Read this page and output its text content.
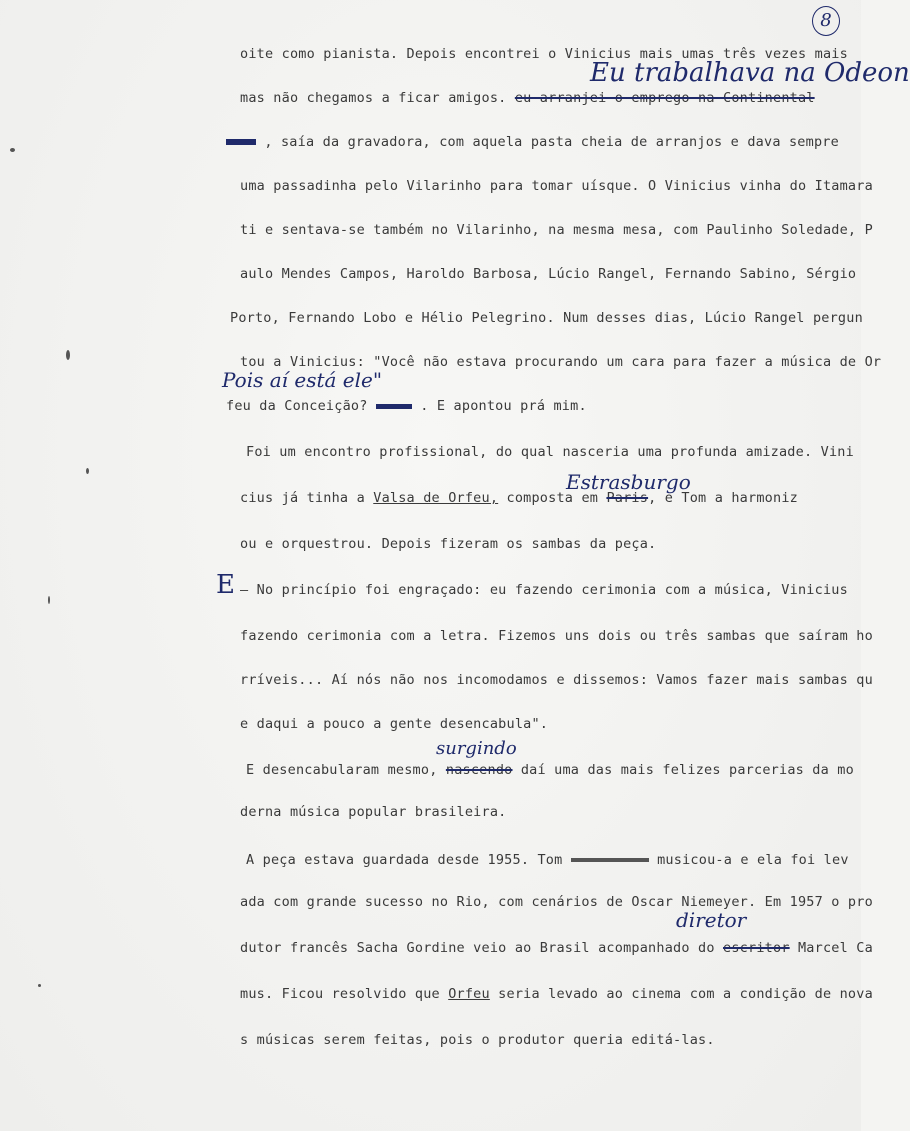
8
oite como pianista. Depois encontrei o Vinicius mais umas três vezes mais
mas não chegamos a ficar amigos. eu arranjei o emprego na Continental
Eu trabalhava na Odeon
, saía da gravadora, com aquela pasta cheia de arranjos e dava sempre
uma passadinha pelo Vilarinho para tomar uísque. O Vinicius vinha do Itamara
ti e sentava-se também no Vilarinho, na mesma mesa, com Paulinho Soledade, P
aulo Mendes Campos, Haroldo Barbosa, Lúcio Rangel, Fernando Sabino, Sérgio
Porto, Fernando Lobo e Hélio Pelegrino. Num desses dias, Lúcio Rangel pergun
tou a Vinicius: "Você não estava procurando um cara para fazer a música de Or
Pois aí está ele"
feu da Conceição?	. E apontou prá mim.
Foi um encontro profissional, do qual nasceria uma profunda amizade. Vini
Estrasburgo
cius já tinha a Valsa de Orfeu, composta em Paris, e Tom a harmoniz
ou e orquestrou. Depois fizeram os sambas da peça.
E — No princípio foi engraçado: eu fazendo cerimonia com a música, Vinicius
fazendo cerimonia com a letra. Fizemos uns dois ou três sambas que saíram ho
rríveis... Aí nós não nos incomodamos e dissemos: Vamos fazer mais sambas qu
e daqui a pouco a gente desencabula".
surgindo
E desencabularam mesmo, nascendo daí uma das mais felizes parcerias da mo
derna música popular brasileira.
A peça estava guardada desde 1955. Tom	musicou-a e ela foi lev
ada com grande sucesso no Rio, com cenários de Oscar Niemeyer. Em 1957 o pro
diretor
dutor francês Sacha Gordine veio ao Brasil acompanhado do escritor Marcel Ca
mus. Ficou resolvido que Orfeu seria levado ao cinema com a condição de nova
s músicas serem feitas, pois o produtor queria editá-las.
